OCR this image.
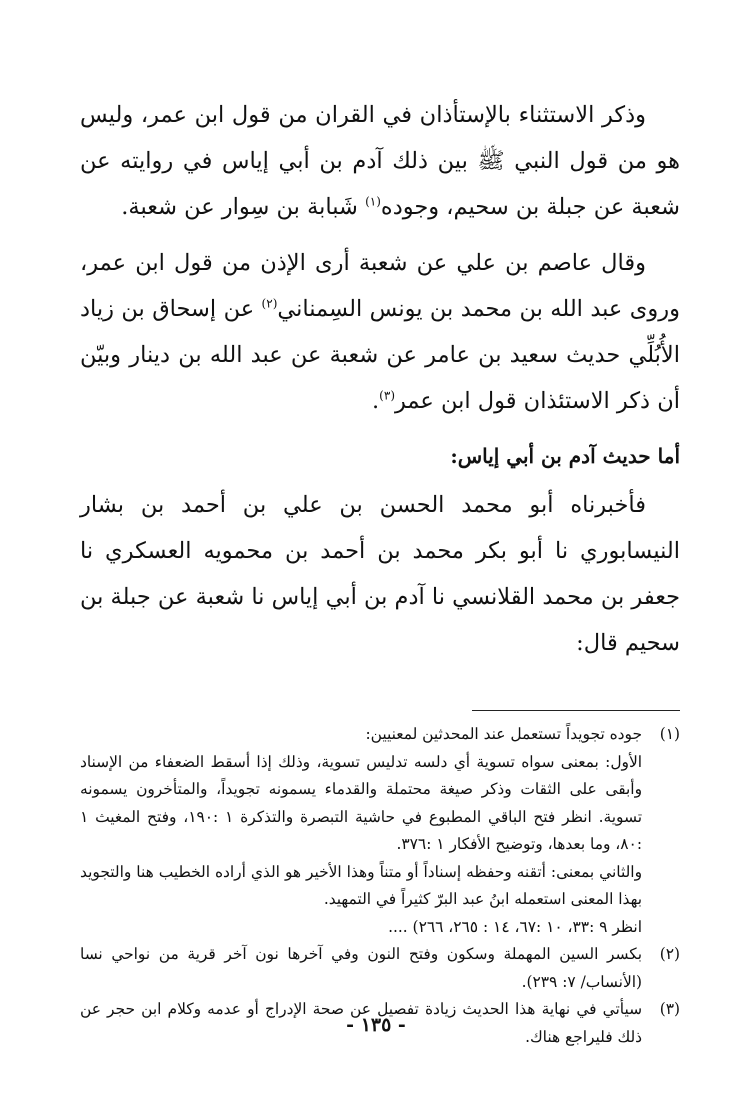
وذكر الاستثناء بالإستأذان في القران من قول ابن عمر، وليس هو من قول النبي ﷺ بين ذلك آدم بن أبي إياس في روايته عن شعبة عن جبلة بن سحيم، وجوده$^{(١)}$ شَبابة بن سِوار عن شعبة.

وقال عاصم بن علي عن شعبة أرى الإذن من قول ابن عمر، وروى عبد الله بن محمد بن يونس السِمناني$^{(٢)}$ عن إسحاق بن زياد الأُبُلِّي حديث سعيد بن عامر عن شعبة عن عبد الله بن دينار وبيّن أن ذكر الاستئذان قول ابن عمر$^{(٣)}$.

أما حديث آدم بن أبي إياس:

فأخبرناه أبو محمد الحسن بن علي بن أحمد بن بشار النيسابوري نا أبو بكر محمد بن أحمد بن محمويه العسكري نا جعفر بن محمد القلانسي نا آدم بن أبي إياس نا شعبة عن جبلة بن سحيم قال:

(١)

جوده تجويداً تستعمل عند المحدثين لمعنيين:

الأول: بمعنى سواه تسوية أي دلسه تدليس تسوية، وذلك إذا أسقط الضعفاء من الإسناد وأبقى على الثقات وذكر صيغة محتملة والقدماء يسمونه تجويداً، والمتأخرون يسمونه تسوية. انظر فتح الباقي المطبوع في حاشية التبصرة والتذكرة ١ :١٩٠، وفتح المغيث ١ :٨٠، وما بعدها، وتوضيح الأفكار ١ :٣٧٦.

والثاني بمعنى: أتقنه وحفظه إسناداً أو متناً وهذا الأخير هو الذي أراده الخطيب هنا والتجويد بهذا المعنى استعمله ابنُ عبد البرّ كثيراً في التمهيد.

انظر ٩ :٣٣، ١٠ :٦٧، ١٤ : ٢٦٥، ٢٦٦) ....

(٢)

بكسر السين المهملة وسكون وفتح النون وفي آخرها نون آخر قرية من نواحي نسا (الأنساب/ ٧: ٢٣٩).

(٣)

سيأتي في نهاية هذا الحديث زيادة تفصيل عن صحة الإدراج أو عدمه وكلام ابن حجر عن ذلك فليراجع هناك.

- ١٣٥ -
